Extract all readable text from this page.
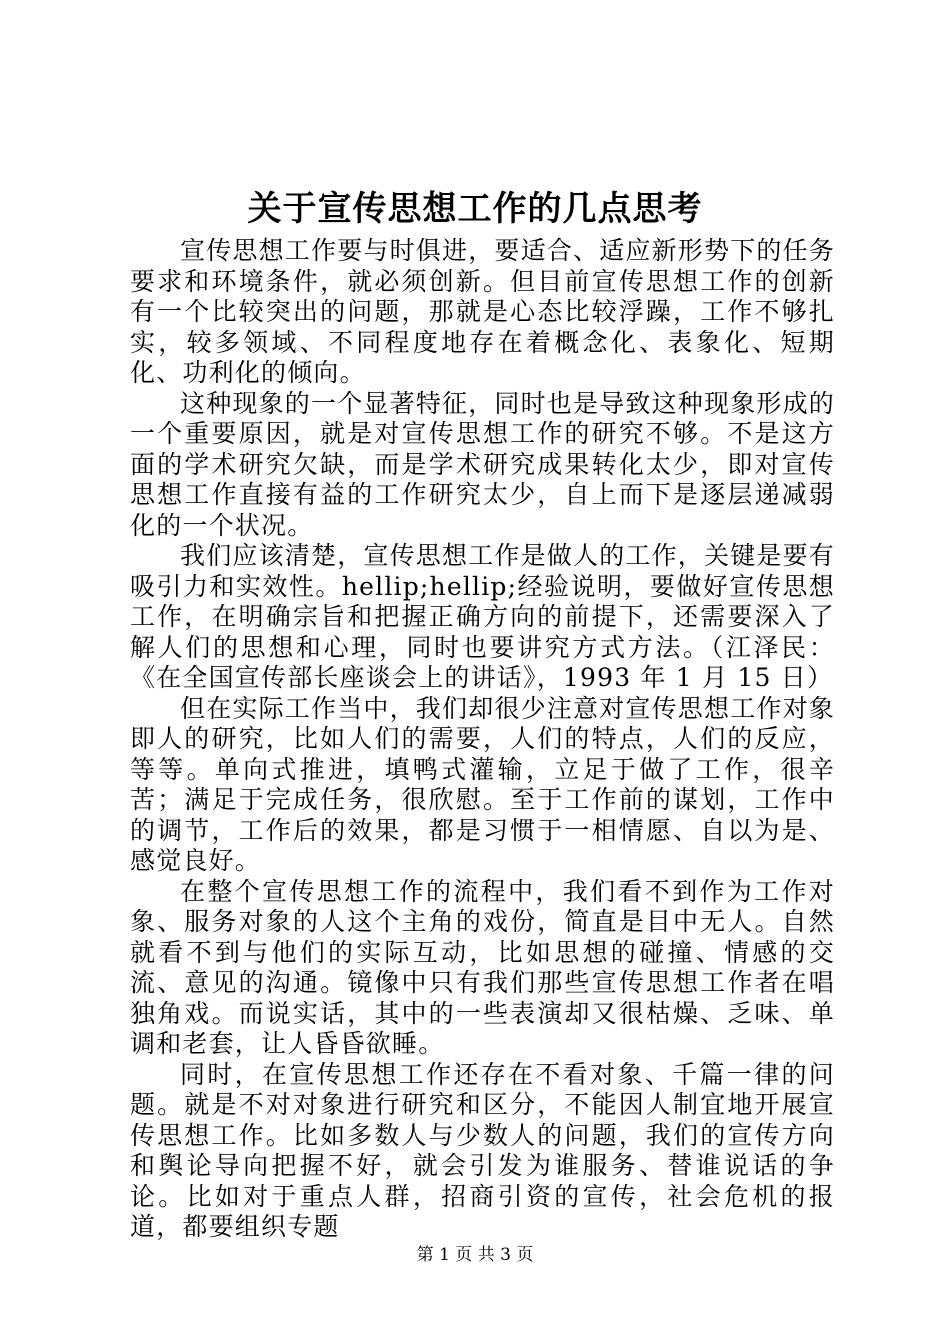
关于宣传思想工作的几点思考

宣传思想工作要与时俱进，要适合、适应新形势下的任务要求和环境条件，就必须创新。但目前宣传思想工作的创新有一个比较突出的问题，那就是心态比较浮躁，工作不够扎实，较多领域、不同程度地存在着概念化、表象化、短期化、功利化的倾向。

这种现象的一个显著特征，同时也是导致这种现象形成的一个重要原因，就是对宣传思想工作的研究不够。不是这方面的学术研究欠缺，而是学术研究成果转化太少，即对宣传思想工作直接有益的工作研究太少，自上而下是逐层递减弱化的一个状况。

我们应该清楚，宣传思想工作是做人的工作，关键是要有吸引力和实效性。hellip;hellip;经验说明，要做好宣传思想工作，在明确宗旨和把握正确方向的前提下，还需要深入了解人们的思想和心理，同时也要讲究方式方法。（江泽民：《在全国宣传部长座谈会上的讲话》，1993 年 1 月 15 日）

但在实际工作当中，我们却很少注意对宣传思想工作对象即人的研究，比如人们的需要，人们的特点，人们的反应，等等。单向式推进，填鸭式灌输，立足于做了工作，很辛苦；满足于完成任务，很欣慰。至于工作前的谋划，工作中的调节，工作后的效果，都是习惯于一相情愿、自以为是、感觉良好。

在整个宣传思想工作的流程中，我们看不到作为工作对象、服务对象的人这个主角的戏份，简直是目中无人。自然就看不到与他们的实际互动，比如思想的碰撞、情感的交流、意见的沟通。镜像中只有我们那些宣传思想工作者在唱独角戏。而说实话，其中的一些表演却又很枯燥、乏味、单调和老套，让人昏昏欲睡。

同时，在宣传思想工作还存在不看对象、千篇一律的问题。就是不对对象进行研究和区分，不能因人制宜地开展宣传思想工作。比如多数人与少数人的问题，我们的宣传方向和舆论导向把握不好，就会引发为谁服务、替谁说话的争论。比如对于重点人群，招商引资的宣传，社会危机的报道，都要组织专题

第 1 页 共 3 页
